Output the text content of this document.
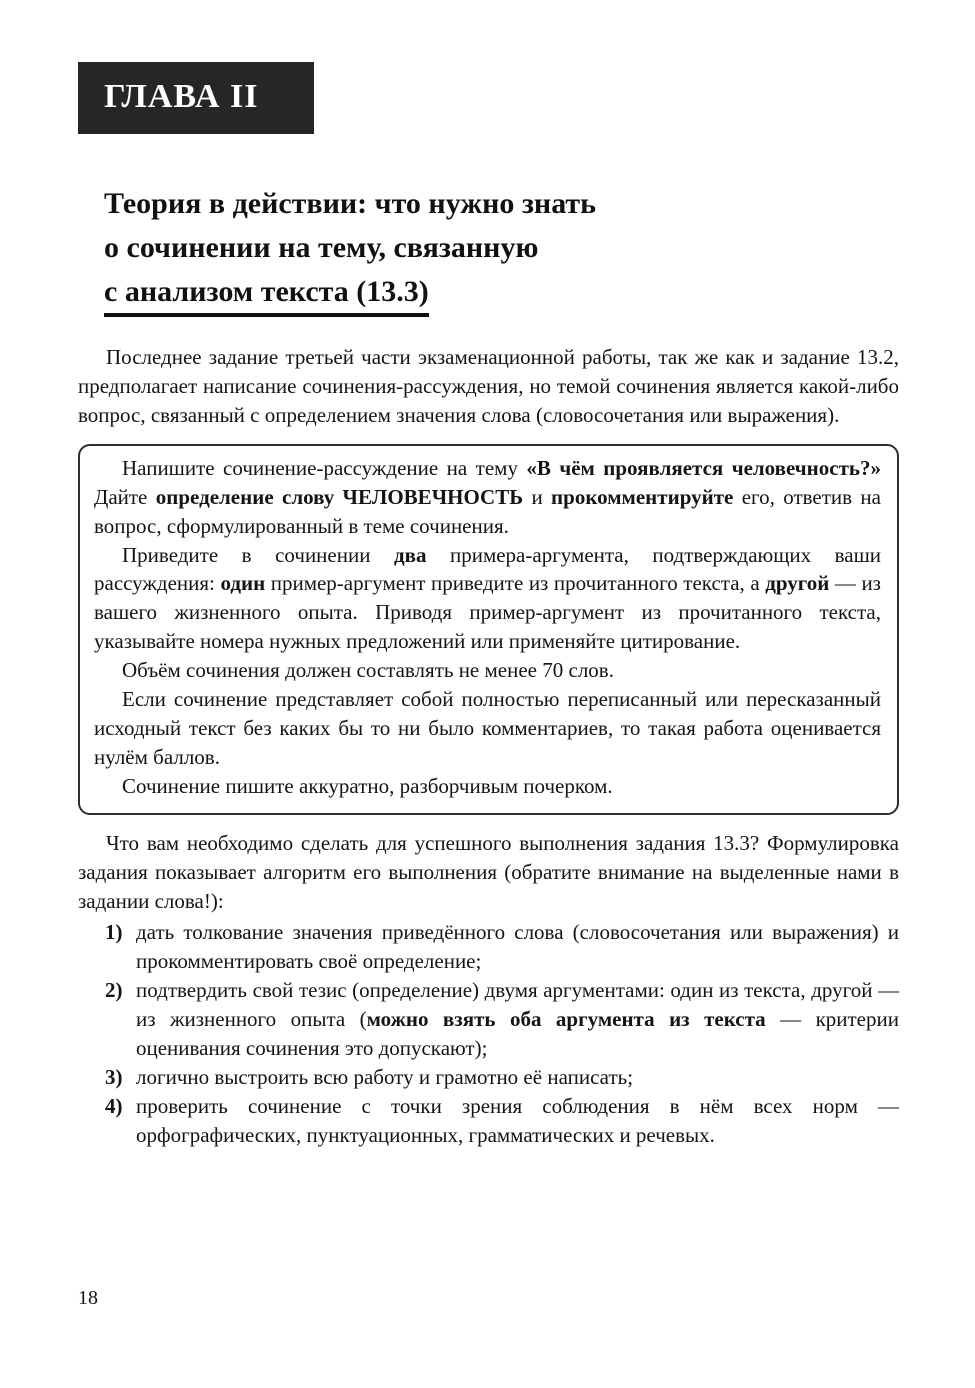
ГЛАВА II
Теория в действии: что нужно знать
о сочинении на тему, связанную
с анализом текста (13.3)

Последнее задание третьей части экзаменационной работы, так же как и задание 13.2, предполагает написание сочинения-рассуждения, но темой сочинения является какой-либо вопрос, связанный с определением значения слова (словосочетания или выражения).

Напишите сочинение-рассуждение на тему «В чём проявляется человечность?» Дайте определение слову ЧЕЛОВЕЧНОСТЬ и прокомментируйте его, ответив на вопрос, сформулированный в теме сочинения.

Приведите в сочинении два примера-аргумента, подтверждающих ваши рассуждения: один пример-аргумент приведите из прочитанного текста, а другой — из вашего жизненного опыта. Приводя пример-аргумент из прочитанного текста, указывайте номера нужных предложений или применяйте цитирование.

Объём сочинения должен составлять не менее 70 слов.

Если сочинение представляет собой полностью переписанный или пересказанный исходный текст без каких бы то ни было комментариев, то такая работа оценивается нулём баллов.

Сочинение пишите аккуратно, разборчивым почерком.

Что вам необходимо сделать для успешного выполнения задания 13.3? Формулировка задания показывает алгоритм его выполнения (обратите внимание на выделенные нами в задании слова!):

1) дать толкование значения приведённого слова (словосочетания или выражения) и прокомментировать своё определение;
2) подтвердить свой тезис (определение) двумя аргументами: один из текста, другой — из жизненного опыта (можно взять оба аргумента из текста — критерии оценивания сочинения это допускают);
3) логично выстроить всю работу и грамотно её написать;
4) проверить сочинение с точки зрения соблюдения в нём всех норм — орфографических, пунктуационных, грамматических и речевых.
18
